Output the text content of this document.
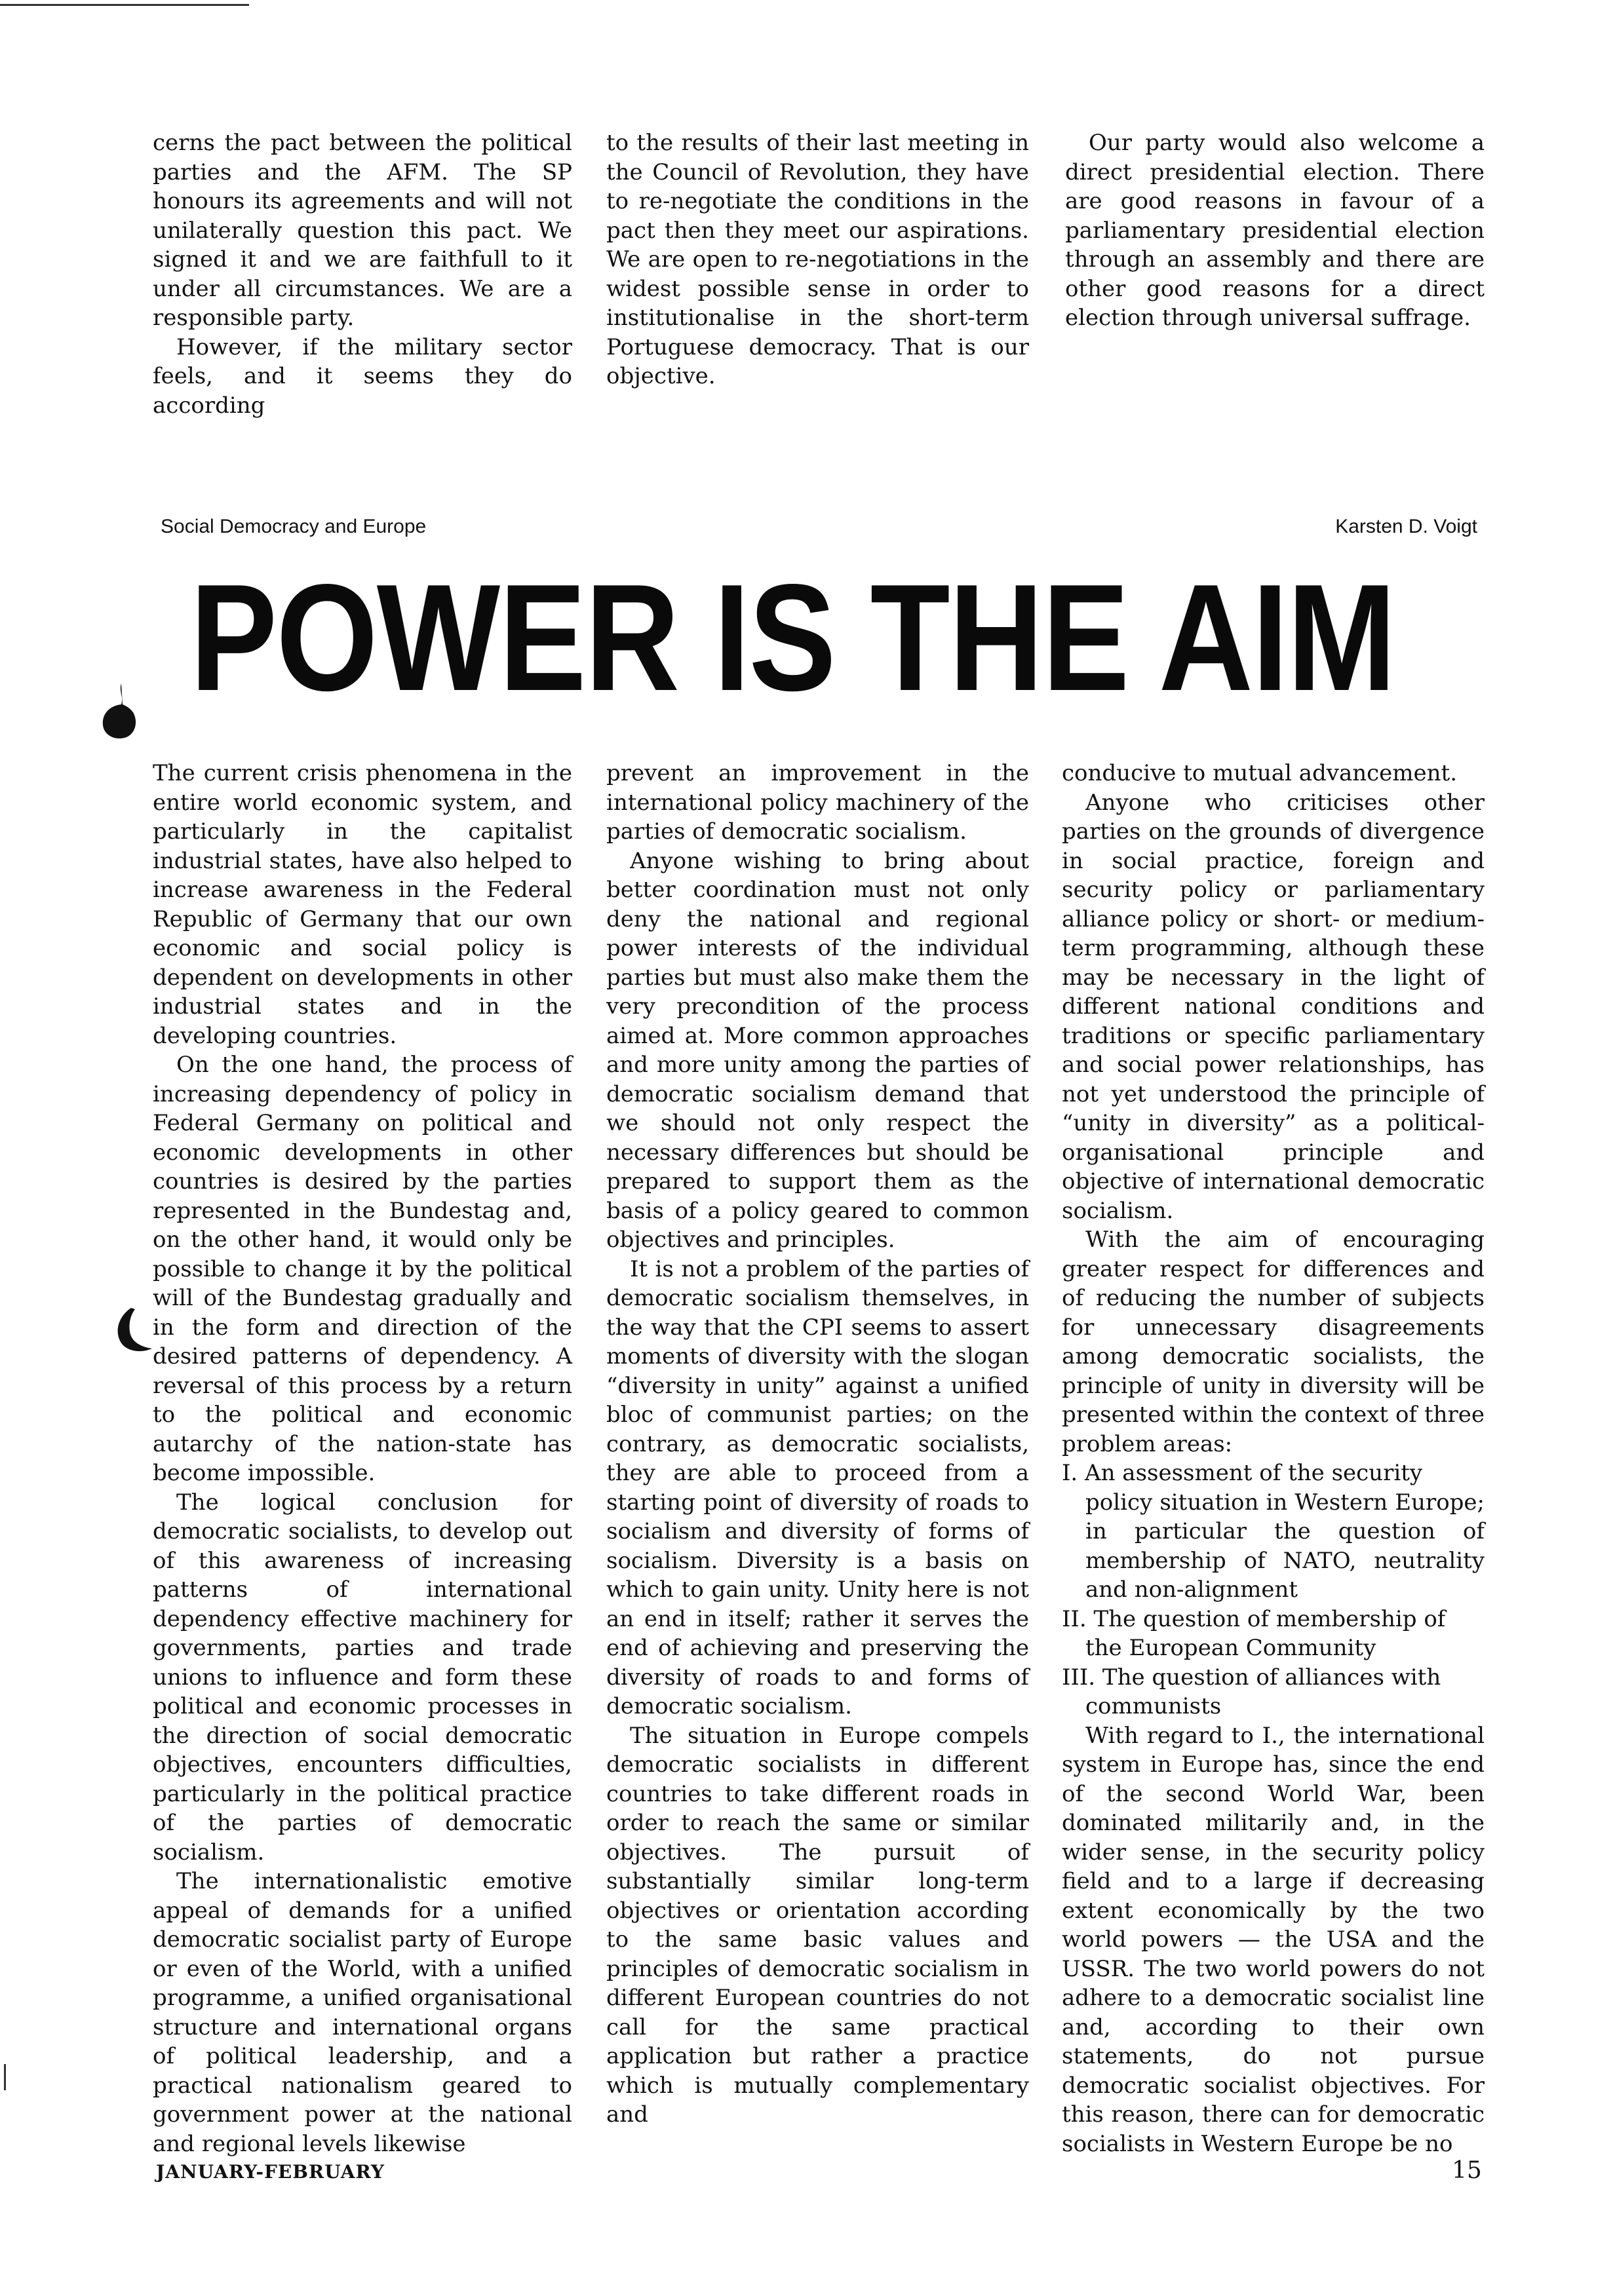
cerns the pact between the political parties and the AFM. The SP honours its agreements and will not unilaterally question this pact. We signed it and we are faithfull to it under all circumstances. We are a responsible party.

However, if the military sector feels, and it seems they do according

to the results of their last meeting in the Council of Revolution, they have to re-negotiate the conditions in the pact then they meet our aspirations. We are open to re-negotiations in the widest possible sense in order to institutionalise in the short-term Portuguese democracy. That is our objective.

Our party would also welcome a direct presidential election. There are good reasons in favour of a parliamentary presidential election through an assembly and there are other good reasons for a direct election through universal suffrage.

Social Democracy and Europe	Karsten D. Voigt
POWER IS THE AIM

The current crisis phenomena in the entire world economic system, and particularly in the capitalist industrial states, have also helped to increase awareness in the Federal Republic of Germany that our own economic and social policy is dependent on developments in other industrial states and in the developing countries.

On the one hand, the process of increasing dependency of policy in Federal Germany on political and economic developments in other countries is desired by the parties represented in the Bundestag and, on the other hand, it would only be possible to change it by the political will of the Bundestag gradually and in the form and direction of the desired patterns of dependency. A reversal of this process by a return to the political and economic autarchy of the nation-state has become impossible.

The logical conclusion for democratic socialists, to develop out of this awareness of increasing patterns of international dependency effective machinery for governments, parties and trade unions to influence and form these political and economic processes in the direction of social democratic objectives, encounters difficulties, particularly in the political practice of the parties of democratic socialism.

The internationalistic emotive appeal of demands for a unified democratic socialist party of Europe or even of the World, with a unified programme, a unified organisational structure and international organs of political leadership, and a practical nationalism geared to government power at the national and regional levels likewise

prevent an improvement in the international policy machinery of the parties of democratic socialism.

Anyone wishing to bring about better coordination must not only deny the national and regional power interests of the individual parties but must also make them the very precondition of the process aimed at. More common approaches and more unity among the parties of democratic socialism demand that we should not only respect the necessary differences but should be prepared to support them as the basis of a policy geared to common objectives and principles.

It is not a problem of the parties of democratic socialism themselves, in the way that the CPI seems to assert moments of diversity with the slogan “diversity in unity” against a unified bloc of communist parties; on the contrary, as democratic socialists, they are able to proceed from a starting point of diversity of roads to socialism and diversity of forms of socialism. Diversity is a basis on which to gain unity. Unity here is not an end in itself; rather it serves the end of achieving and preserving the diversity of roads to and forms of democratic socialism.

The situation in Europe compels democratic socialists in different countries to take different roads in order to reach the same or similar objectives. The pursuit of substantially similar long-term objectives or orientation according to the same basic values and principles of democratic socialism in different European countries do not call for the same practical application but rather a practice which is mutually complementary and

conducive to mutual advancement.

Anyone who criticises other parties on the grounds of divergence in social practice, foreign and security policy or parliamentary alliance policy or short- or medium-term programming, although these may be necessary in the light of different national conditions and traditions or specific parliamentary and social power relationships, has not yet understood the principle of “unity in diversity” as a political-organisational principle and objective of international democratic socialism.

With the aim of encouraging greater respect for differences and of reducing the number of subjects for unnecessary disagreements among democratic socialists, the principle of unity in diversity will be presented within the context of three problem areas:

I. An assessment of the security

policy situation in Western Europe; in particular the question of membership of NATO, neutrality and non-alignment

II. The question of membership of

the European Community

III. The question of alliances with

communists

With regard to I., the international system in Europe has, since the end of the second World War, been dominated militarily and, in the wider sense, in the security policy field and to a large if decreasing extent economically by the two world powers — the USA and the USSR. The two world powers do not adhere to a democratic socialist line and, according to their own statements, do not pursue democratic socialist objectives. For this reason, there can for democratic socialists in Western Europe be no

JANUARY-FEBRUARY	15
